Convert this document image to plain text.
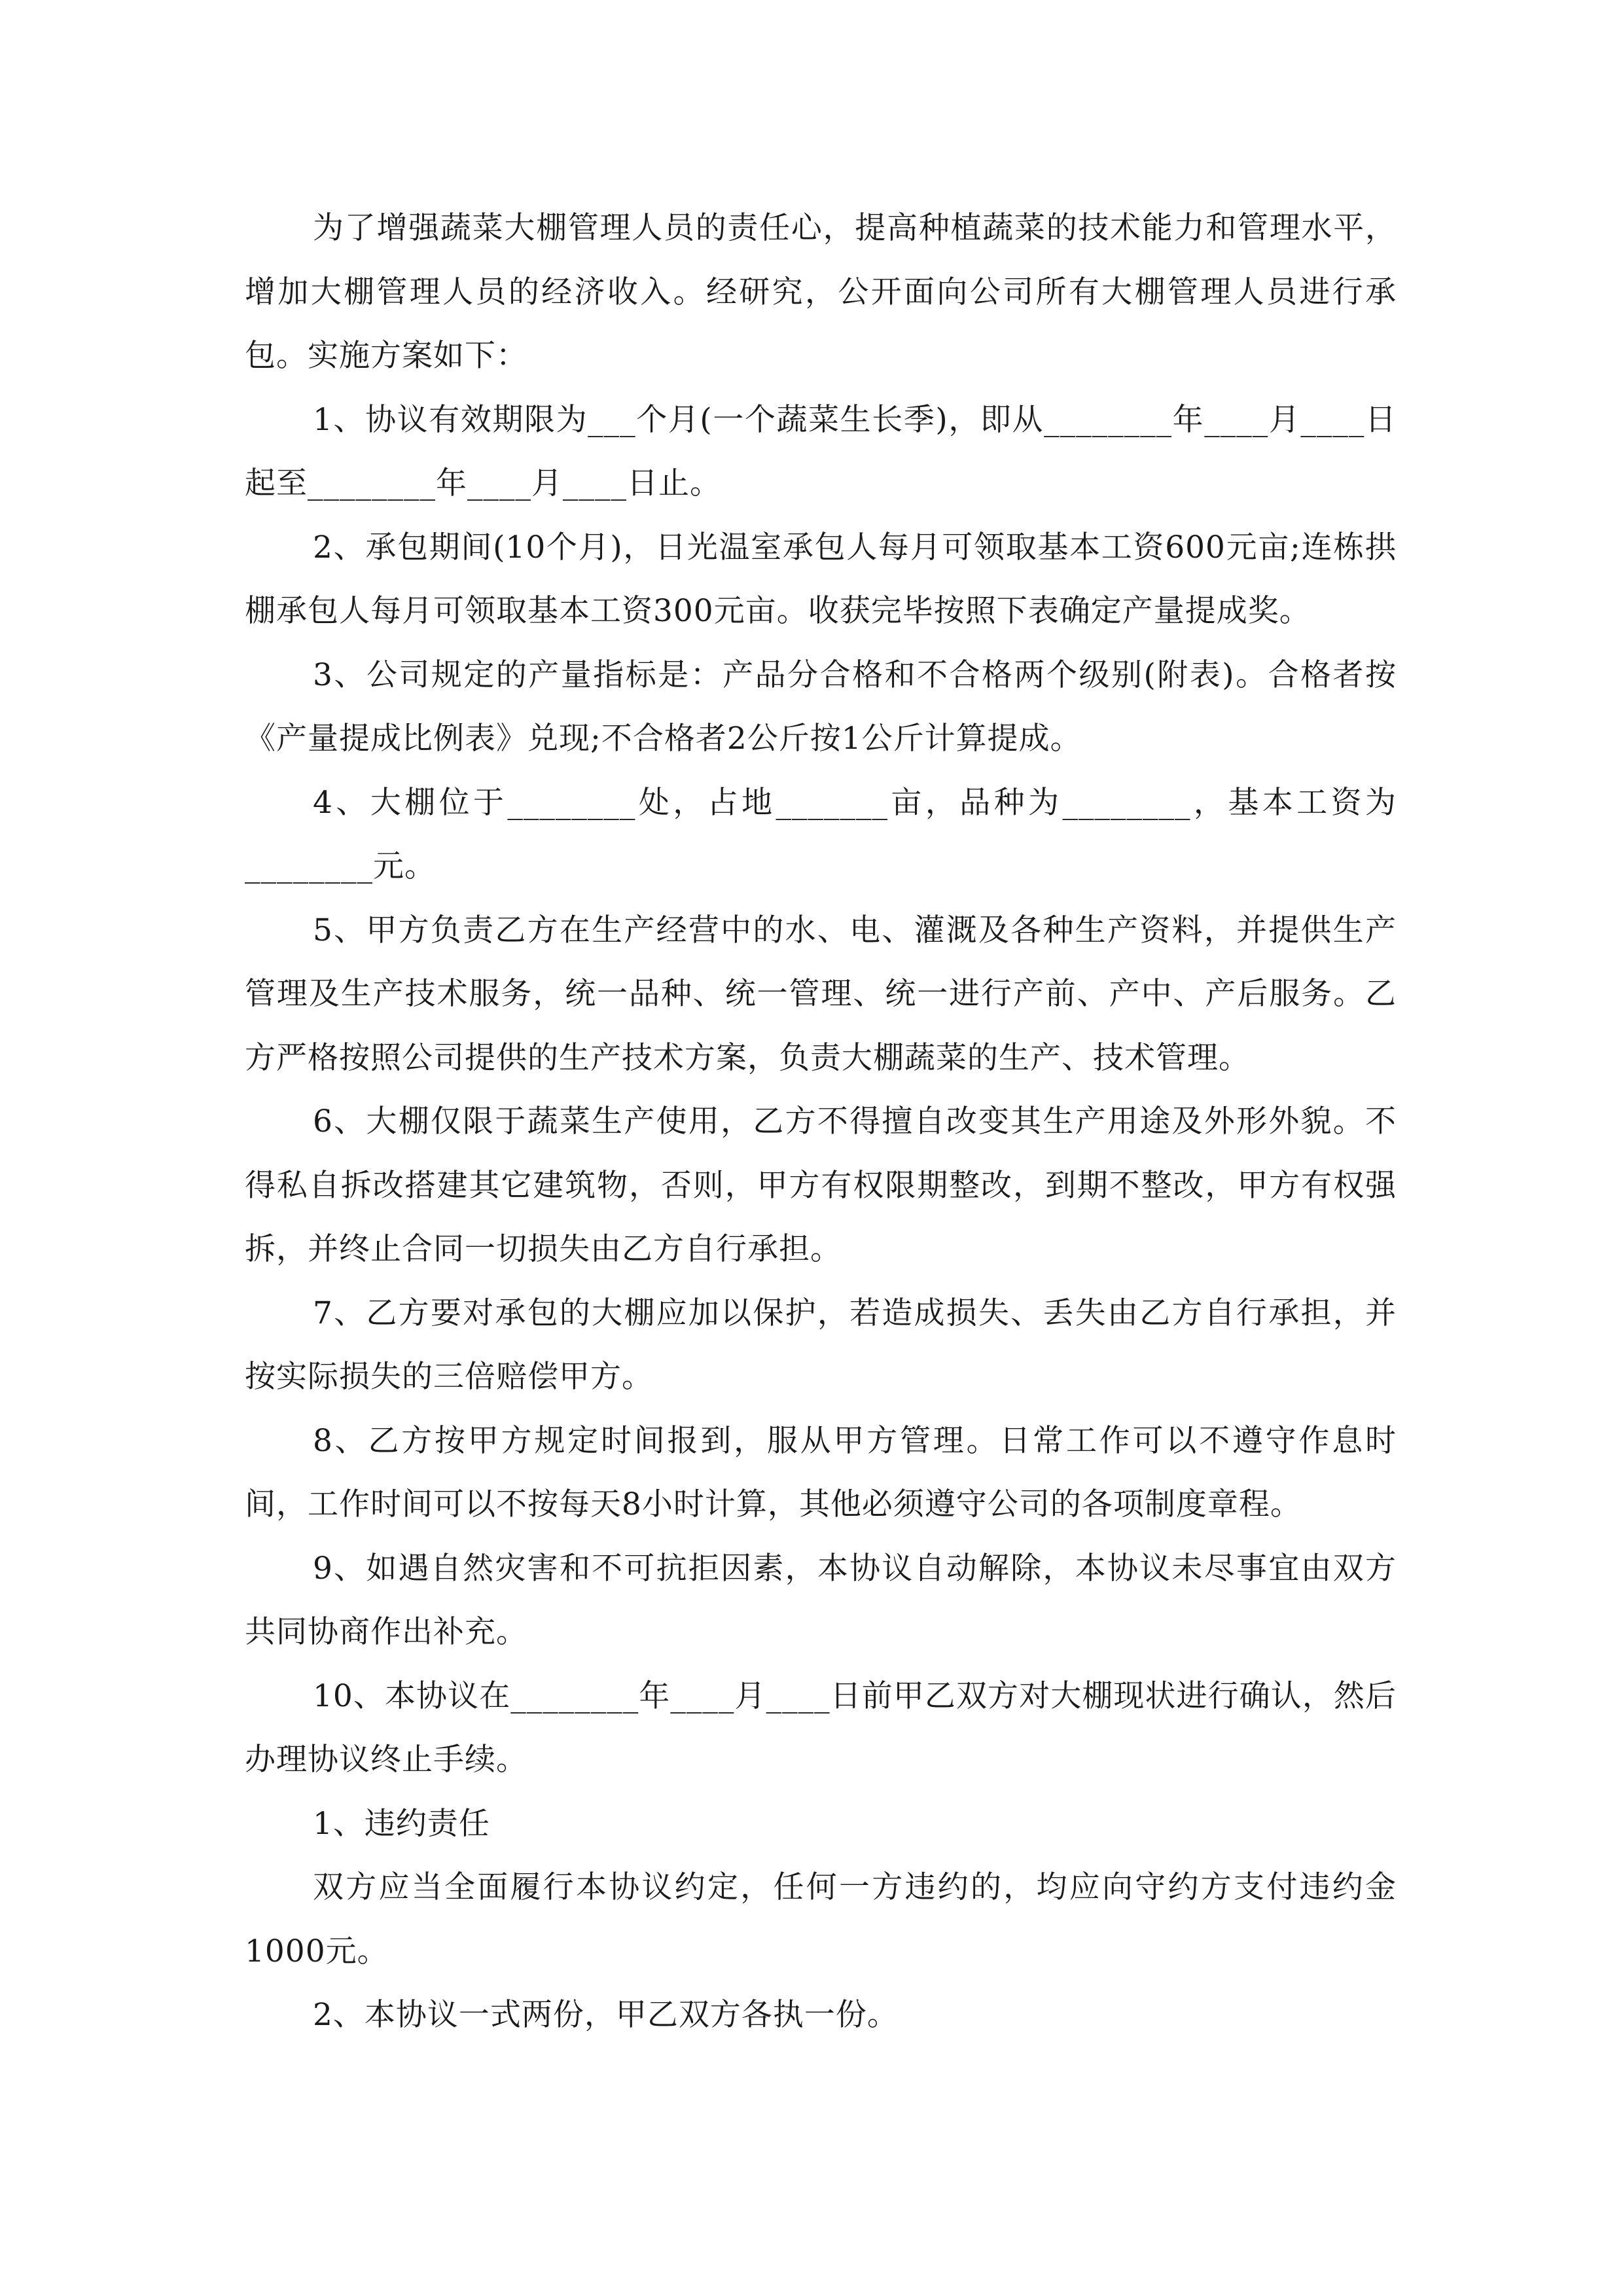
为了增强蔬菜大棚管理人员的责任心，提高种植蔬菜的技术能力和管理水平，增加大棚管理人员的经济收入。经研究，公开面向公司所有大棚管理人员进行承包。实施方案如下：

1、协议有效期限为___个月(一个蔬菜生长季)，即从________年____月____日起至________年____月____日止。

2、承包期间(10个月)，日光温室承包人每月可领取基本工资600元亩;连栋拱棚承包人每月可领取基本工资300元亩。收获完毕按照下表确定产量提成奖。

3、公司规定的产量指标是：产品分合格和不合格两个级别(附表)。合格者按《产量提成比例表》兑现;不合格者2公斤按1公斤计算提成。

4、大棚位于________处，占地_______亩，品种为________，基本工资为________元。

5、甲方负责乙方在生产经营中的水、电、灌溉及各种生产资料，并提供生产管理及生产技术服务，统一品种、统一管理、统一进行产前、产中、产后服务。乙方严格按照公司提供的生产技术方案，负责大棚蔬菜的生产、技术管理。

6、大棚仅限于蔬菜生产使用，乙方不得擅自改变其生产用途及外形外貌。不得私自拆改搭建其它建筑物，否则，甲方有权限期整改，到期不整改，甲方有权强拆，并终止合同一切损失由乙方自行承担。

7、乙方要对承包的大棚应加以保护，若造成损失、丢失由乙方自行承担，并按实际损失的三倍赔偿甲方。

8、乙方按甲方规定时间报到，服从甲方管理。日常工作可以不遵守作息时间，工作时间可以不按每天8小时计算，其他必须遵守公司的各项制度章程。

9、如遇自然灾害和不可抗拒因素，本协议自动解除，本协议未尽事宜由双方共同协商作出补充。

10、本协议在________年____月____日前甲乙双方对大棚现状进行确认，然后办理协议终止手续。

1、违约责任

双方应当全面履行本协议约定，任何一方违约的，均应向守约方支付违约金1000元。

2、本协议一式两份，甲乙双方各执一份。
